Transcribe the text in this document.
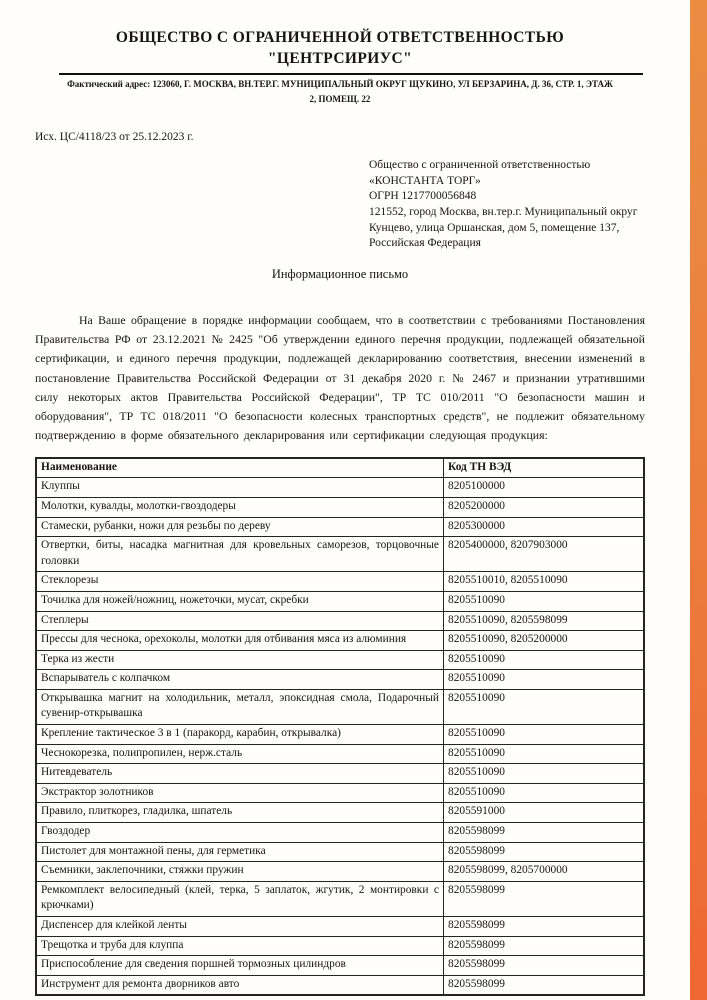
ОБЩЕСТВО С ОГРАНИЧЕННОЙ ОТВЕТСТВЕННОСТЬЮ
"ЦЕНТРСИРИУС"
Фактический адрес: 123060, Г. МОСКВА, ВН.ТЕР.Г. МУНИЦИПАЛЬНЫЙ ОКРУГ ЩУКИНО, УЛ БЕРЗАРИНА, Д. 36, СТР. 1, ЭТАЖ 2, ПОМЕЩ. 22
Исх. ЦС/4118/23 от 25.12.2023 г.
Общество с ограниченной ответственностью
«КОНСТАНТА ТОРГ»
ОГРН 1217700056848
121552, город Москва, вн.тер.г. Муниципальный округ
Кунцево, улица Оршанская, дом 5, помещение 137,
Российская Федерация
Информационное письмо
На Ваше обращение в порядке информации сообщаем, что в соответствии с требованиями Постановления Правительства РФ от 23.12.2021 № 2425 "Об утверждении единого перечня продукции, подлежащей обязательной сертификации, и единого перечня продукции, подлежащей декларированию соответствия, внесении изменений в постановление Правительства Российской Федерации от 31 декабря 2020 г. № 2467 и признании утратившими силу некоторых актов Правительства Российской Федерации", ТР ТС 010/2011 "О безопасности машин и оборудования", ТР ТС 018/2011 "О безопасности колесных транспортных средств", не подлежит обязательному подтверждению в форме обязательного декларирования или сертификации следующая продукция:
Наименование	Код ТН ВЭД
Клуппы	8205100000
Молотки, кувалды, молотки-гвоздодеры	8205200000
Стамески, рубанки, ножи для резьбы по дереву	8205300000
Отвертки, биты, насадка магнитная для кровельных саморезов, торцовочные головки	8205400000, 8207903000
Стеклорезы	8205510010, 8205510090
Точилка для ножей/ножниц, ножеточки, мусат, скребки	8205510090
Степлеры	8205510090, 8205598099
Прессы для чеснока, орехоколы, молотки для отбивания мяса из алюминия	8205510090, 8205200000
Терка из жести	8205510090
Вспарыватель с колпачком	8205510090
Открывашка магнит на холодильник, металл, эпоксидная смола, Подарочный сувенир-открывашка	8205510090
Крепление тактическое 3 в 1 (паракорд, карабин, открывалка)	8205510090
Чеснокорезка, полипропилен, нерж.сталь	8205510090
Нитевдеватель	8205510090
Экстрактор золотников	8205510090
Правило, плиткорез, гладилка, шпатель	8205591000
Гвоздодер	8205598099
Пистолет для монтажной пены, для герметика	8205598099
Съемники, заклепочники, стяжки пружин	8205598099, 8205700000
Ремкомплект велосипедный (клей, терка, 5 заплаток, жгутик, 2 монтировки с крючками)	8205598099
Диспенсер для клейкой ленты	8205598099
Трещотка и труба для клуппа	8205598099
Приспособление для сведения поршней тормозных цилиндров	8205598099
Инструмент для ремонта дворников авто	8205598099
